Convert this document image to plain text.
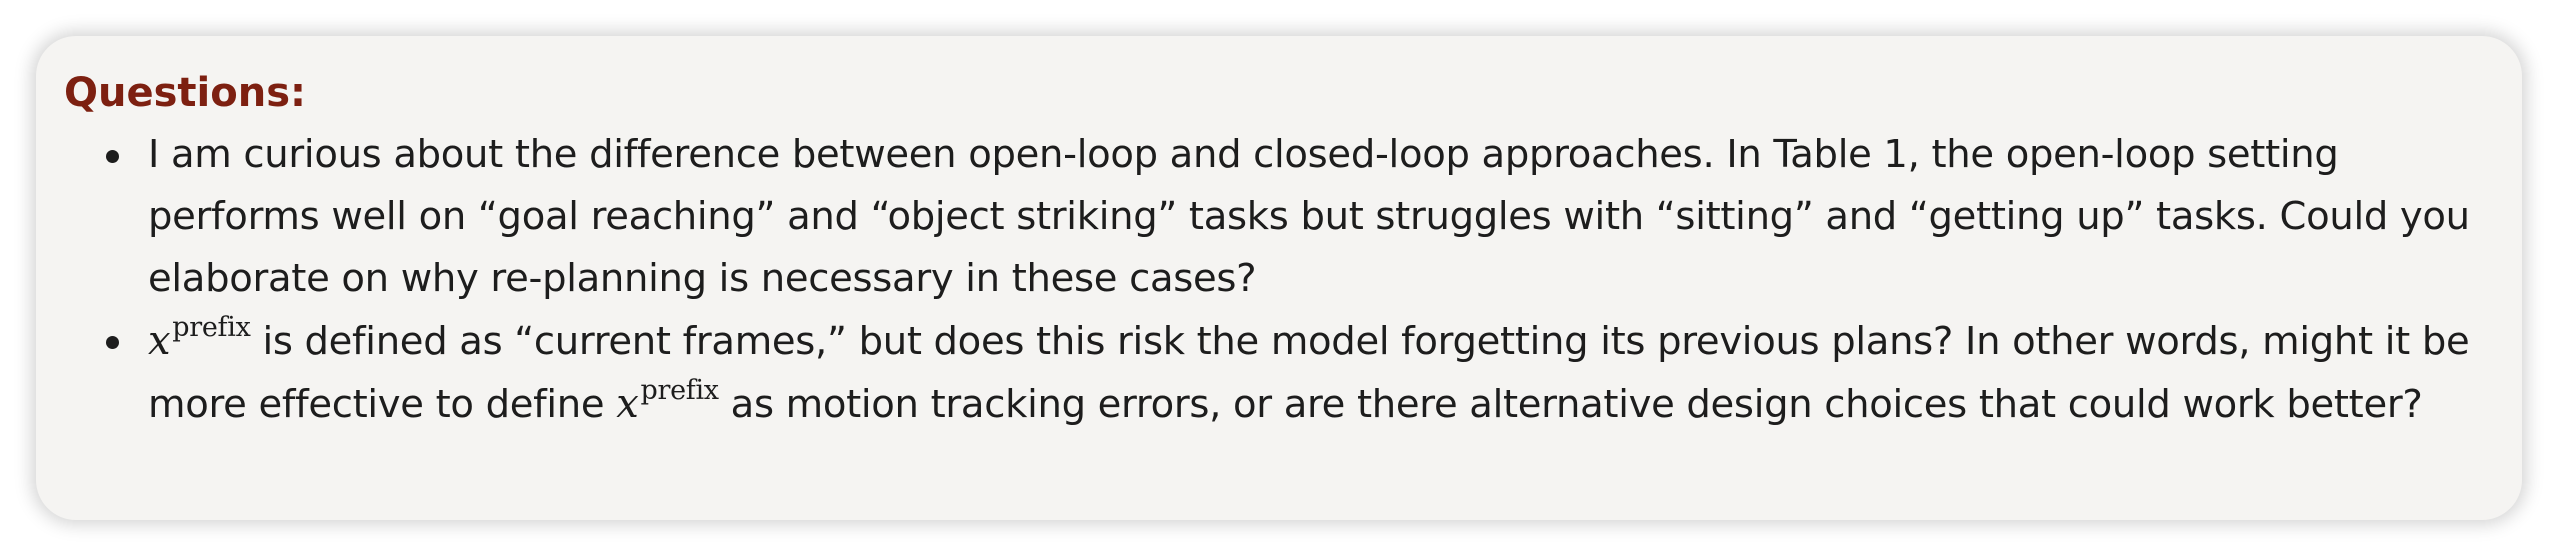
Questions:

I am curious about the difference between open-loop and closed-loop approaches. In Table 1, the open-loop setting performs well on “goal reaching” and “object striking” tasks but struggles with “sitting” and “getting up” tasks. Could you elaborate on why re-planning is necessary in these cases?
$x^{prefix}$ is defined as “current frames,” but does this risk the model forgetting its previous plans? In other words, might it be more effective to define $x^{prefix}$ as motion tracking errors, or are there alternative design choices that could work better?
